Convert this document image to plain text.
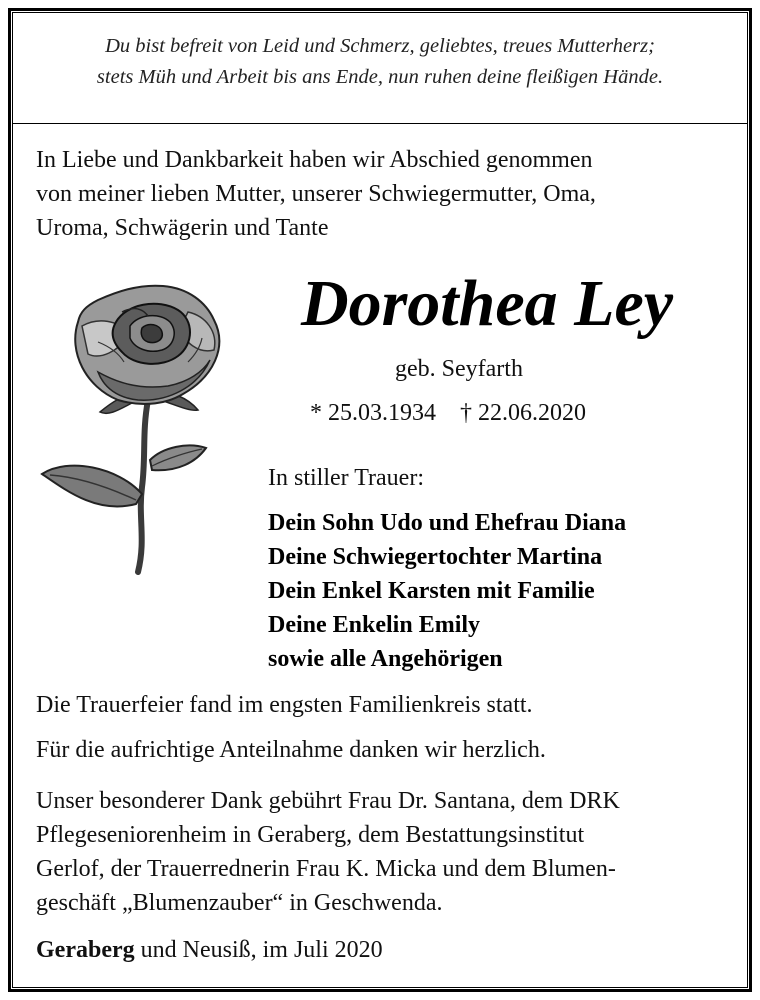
Du bist befreit von Leid und Schmerz, geliebtes, treues Mutterherz;
stets Müh und Arbeit bis ans Ende, nun ruhen deine fleißigen Hände.
In Liebe und Dankbarkeit haben wir Abschied genommen
von meiner lieben Mutter, unserer Schwiegermutter, Oma,
Uroma, Schwägerin und Tante
Dorothea Ley
geb. Seyfarth
* 25.03.1934 † 22.06.2020
In stiller Trauer:
Dein Sohn Udo und Ehefrau Diana
Deine Schwiegertochter Martina
Dein Enkel Karsten mit Familie
Deine Enkelin Emily
sowie alle Angehörigen
Die Trauerfeier fand im engsten Familienkreis statt.
Für die aufrichtige Anteilnahme danken wir herzlich.
Unser besonderer Dank gebührt Frau Dr. Santana, dem DRK
Pflegeseniorenheim in Geraberg, dem Bestattungsinstitut
Gerlof, der Trauerrednerin Frau K. Micka und dem Blumen-
geschäft „Blumenzauber“ in Geschwenda.
Geraberg und Neusiß, im Juli 2020
